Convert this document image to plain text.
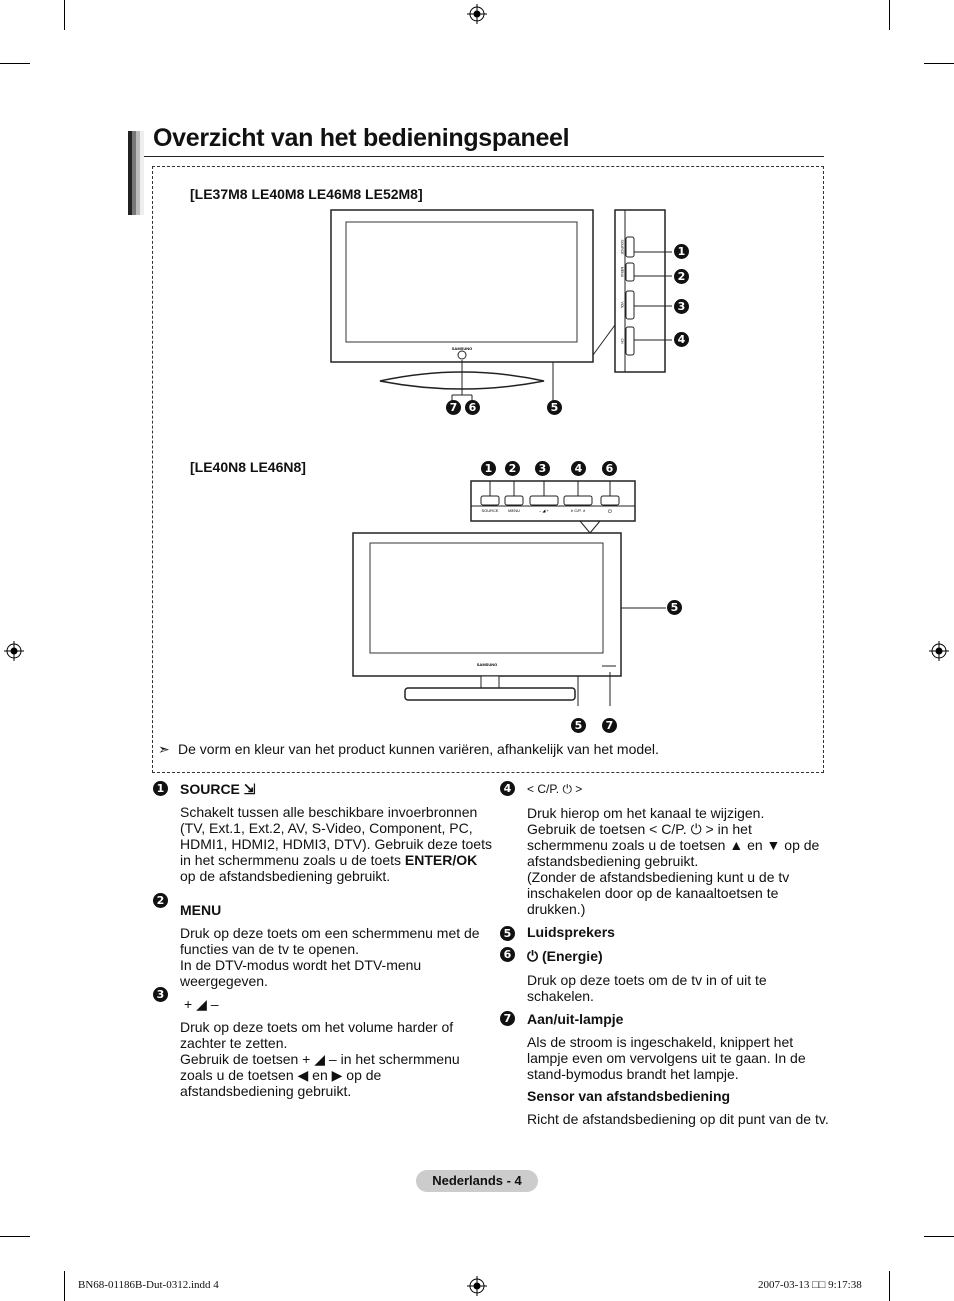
Overzicht van het bedieningspaneel
[LE37M8 LE40M8 LE46M8 LE52M8]
[LE40N8 LE46N8]
SAMSUNG
SOURCE
MENU
VOL
CH
1
2
3
4
5
6
7
SOURCE MENU	– ◢ +	∨ C/P. ∧	⏻
SAMSUNG
1	2	3	4	6
5
5	7
➣ De vorm en kleur van het product kunnen variëren, afhankelijk van het model.
1 SOURCE ⇲

Schakelt tussen alle beschikbare invoerbronnen (TV, Ext.1, Ext.2, AV, S-Video, Component, PC, HDMI1, HDMI2, HDMI3, DTV). Gebruik deze toets in het schermmenu zoals u de toets ENTER/OK op de afstandsbediening gebruikt.

2

MENU

Druk op deze toets om een schermmenu met de functies van de tv te openen.

In de DTV-modus wordt het DTV-menu weergegeven.

3

+ ◢ –

Druk op deze toets om het volume harder of zachter te zetten.

Gebruik de toetsen + ◢ – in het schermmenu zoals u de toetsen ◀ en ▶ op de afstandsbediening gebruikt.

4	< C/P. ⏻ >

Druk hierop om het kanaal te wijzigen.

Gebruik de toetsen < C/P. ⏻ > in het schermmenu zoals u de toetsen ▲ en ▼ op de afstandsbediening gebruikt.

(Zonder de afstandsbediening kunt u de tv inschakelen door op de kanaaltoetsen te drukken.)

5 Luidsprekers

6 ⏻ (Energie)

Druk op deze toets om de tv in of uit te schakelen.

7 Aan/uit-lampje

Als de stroom is ingeschakeld, knippert het lampje even om vervolgens uit te gaan. In de stand-bymodus brandt het lampje.

Sensor van afstandsbediening

Richt de afstandsbediening op dit punt van de tv.

Nederlands - 4
BN68-01186B-Dut-0312.indd 4	2007-03-13 □□ 9:17:38
